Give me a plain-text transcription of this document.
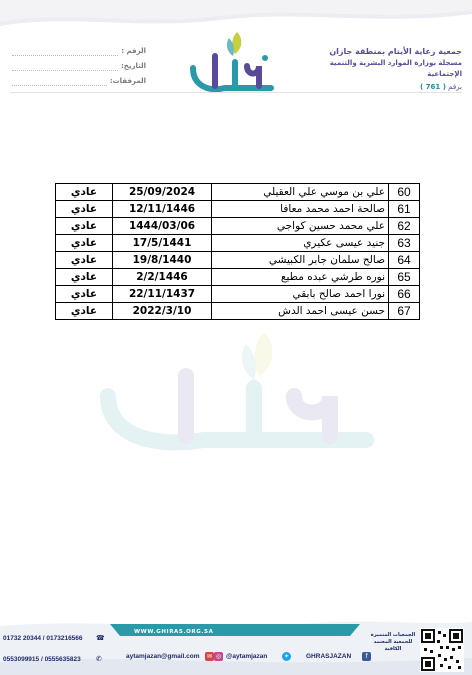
جمعية رعاية الأيتام بمنطقة جازان
مسجلة بوزارة الموارد البشرية والتنمية الإجتماعية
برقم ( 761 )
الرقم :
التاريخ:
المرفقات:
60	علي بن موسي علي العقيلي	25/09/2024	عادي
61	صالحة احمد محمد معافا	12/11/1446	عادي
62	علي محمد حسين كواجي	1444/03/06	عادي
63	جنيد عيسى عكيري	17/5/1441	عادي
64	صالح سلمان جابر الكبيشي	19/8/1440	عادي
65	نوره طرشي عبده مطيع	2/2/1446	عادي
66	نورا احمد صالح بابقي	22/11/1437	عادي
67	حسن عيسى احمد الدش	2022/3/10	عادي
WWW.GHIRAS.ORG.SA
01732 20344 / 0173216566 ☎
0553099915 / 0555635823 ✆	aytamjazan@gmail.com	✉ ◎ @aytamjazan	✦	GHRASJAZAN	f
الجمعيات المتميزة للجمعية المعتمد الكافية
